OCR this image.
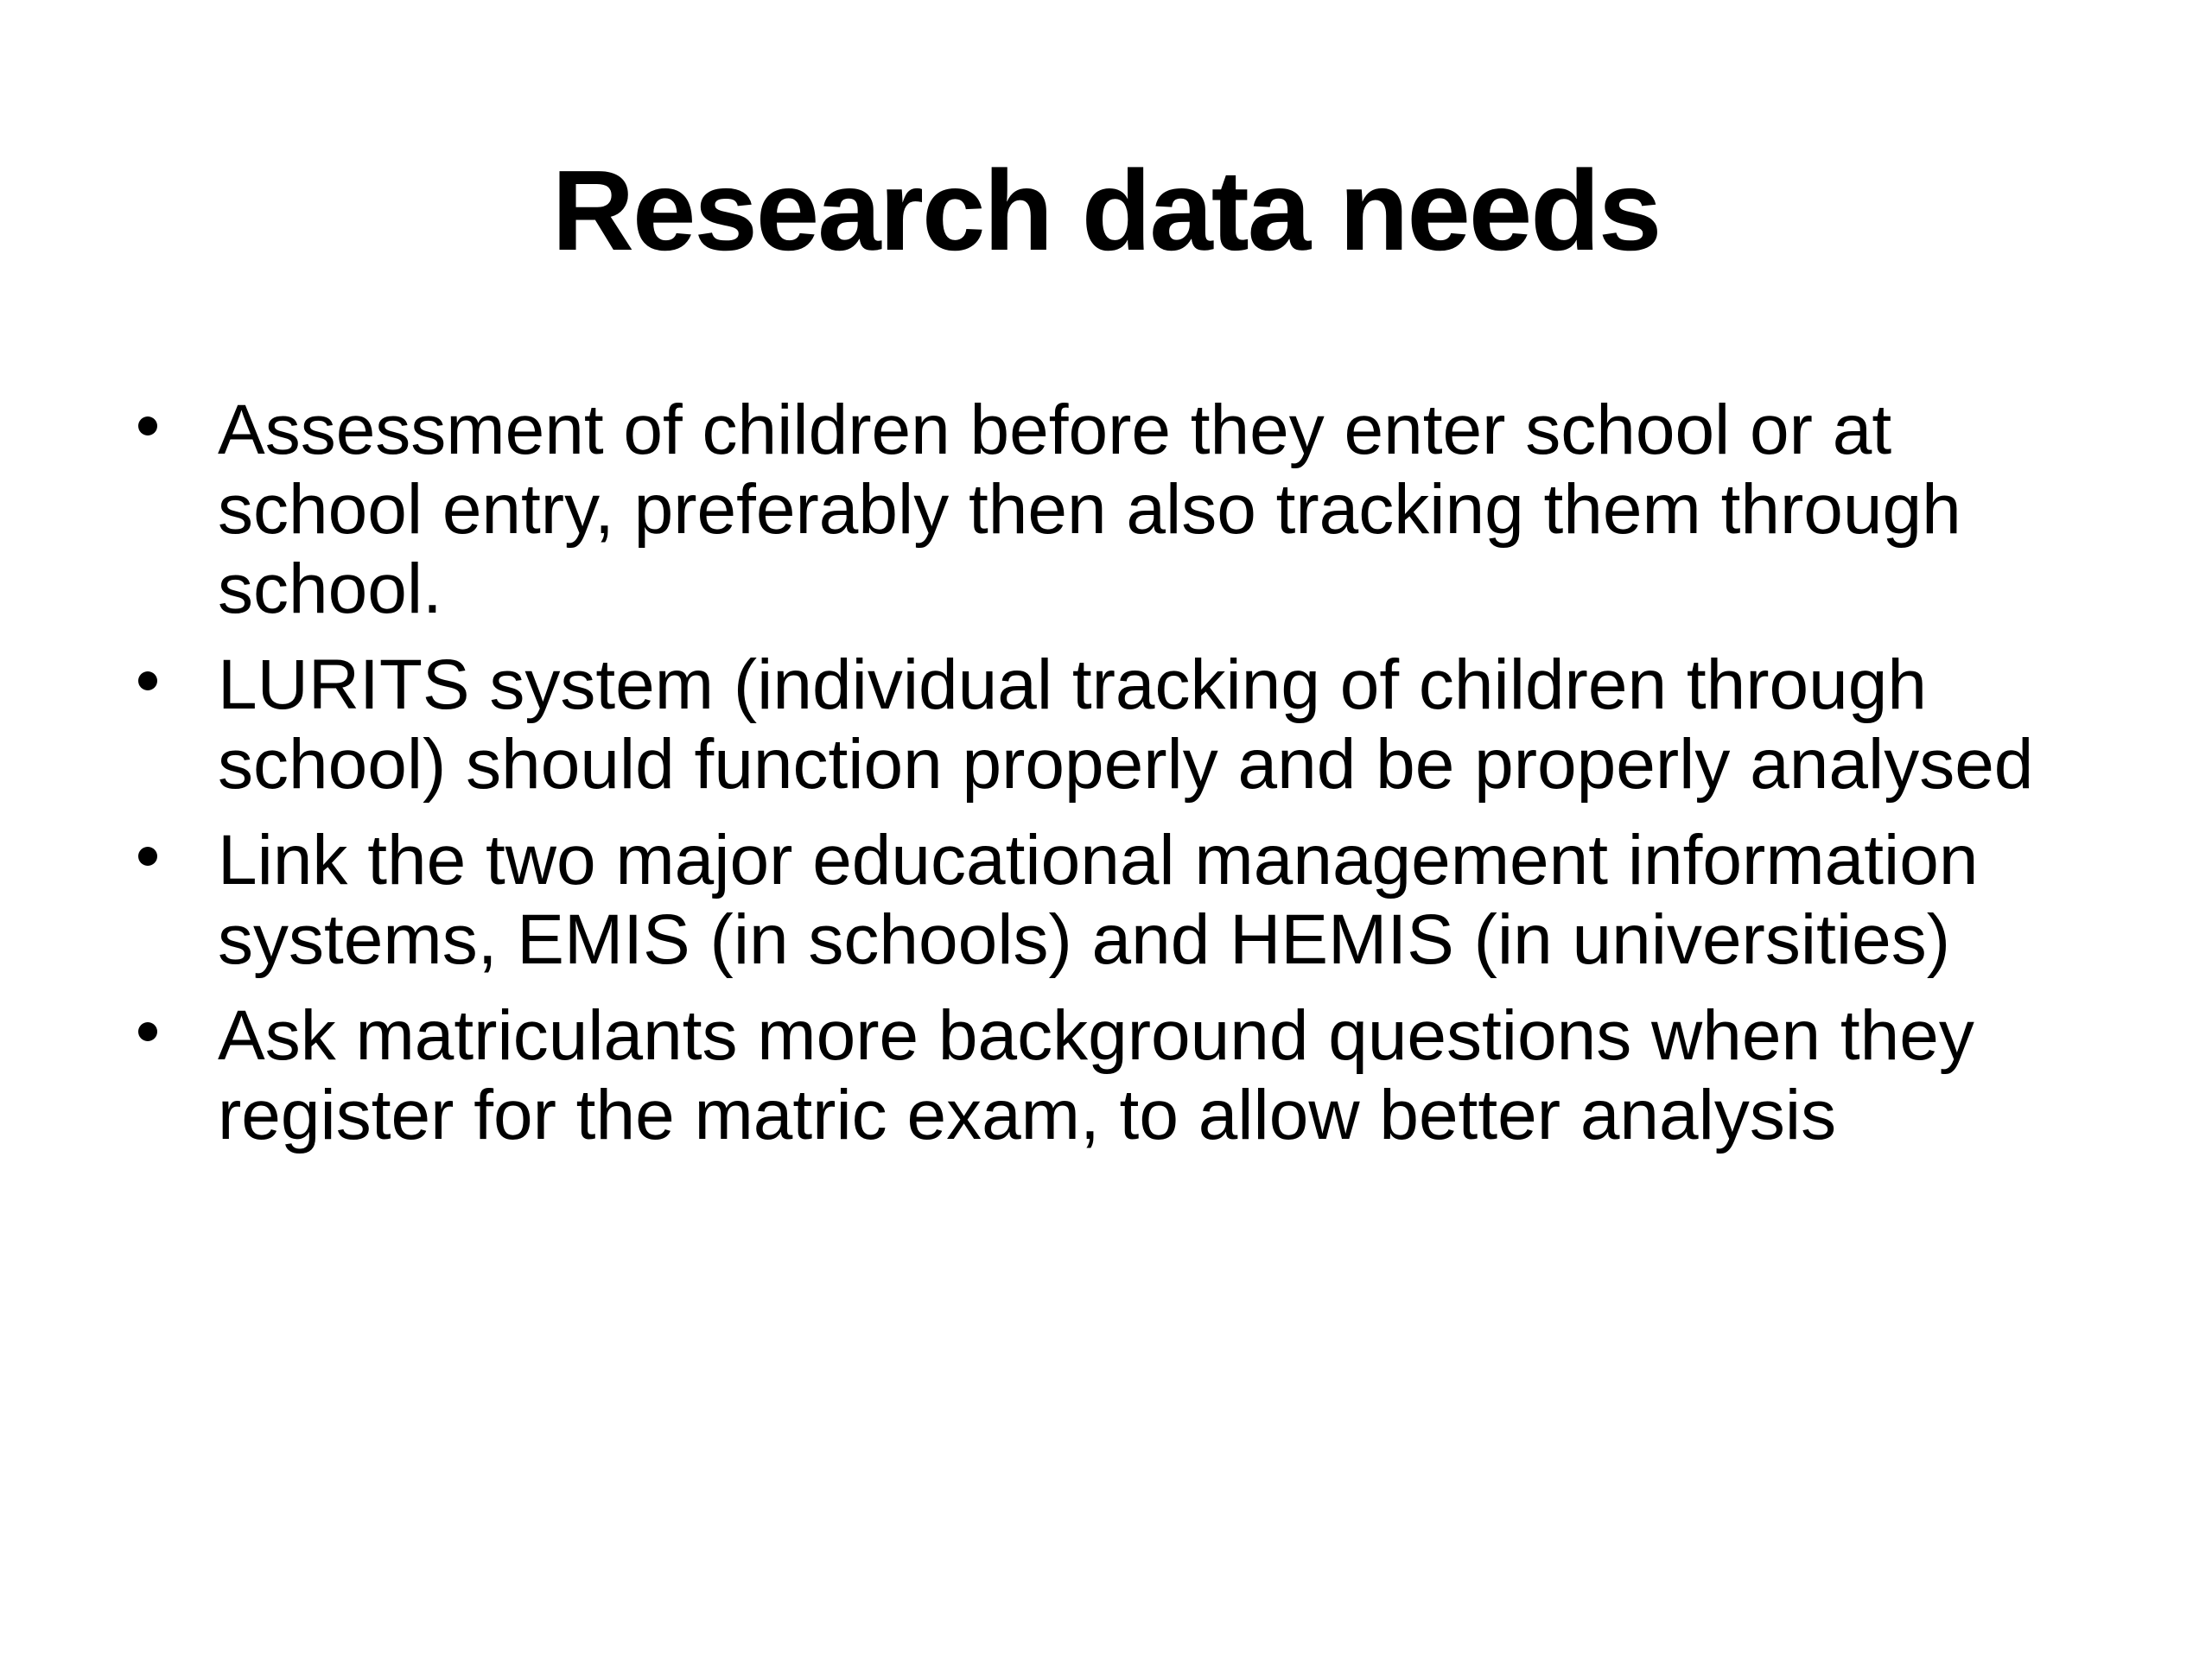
Research data needs
Assessment of children before they enter school or at school entry, preferably then also tracking them through school.
LURITS system (individual tracking of children through school) should function properly and be properly analysed
Link the two major educational management information systems, EMIS (in schools) and HEMIS (in universities)
Ask matriculants more background questions when they register for the matric exam, to allow better analysis
